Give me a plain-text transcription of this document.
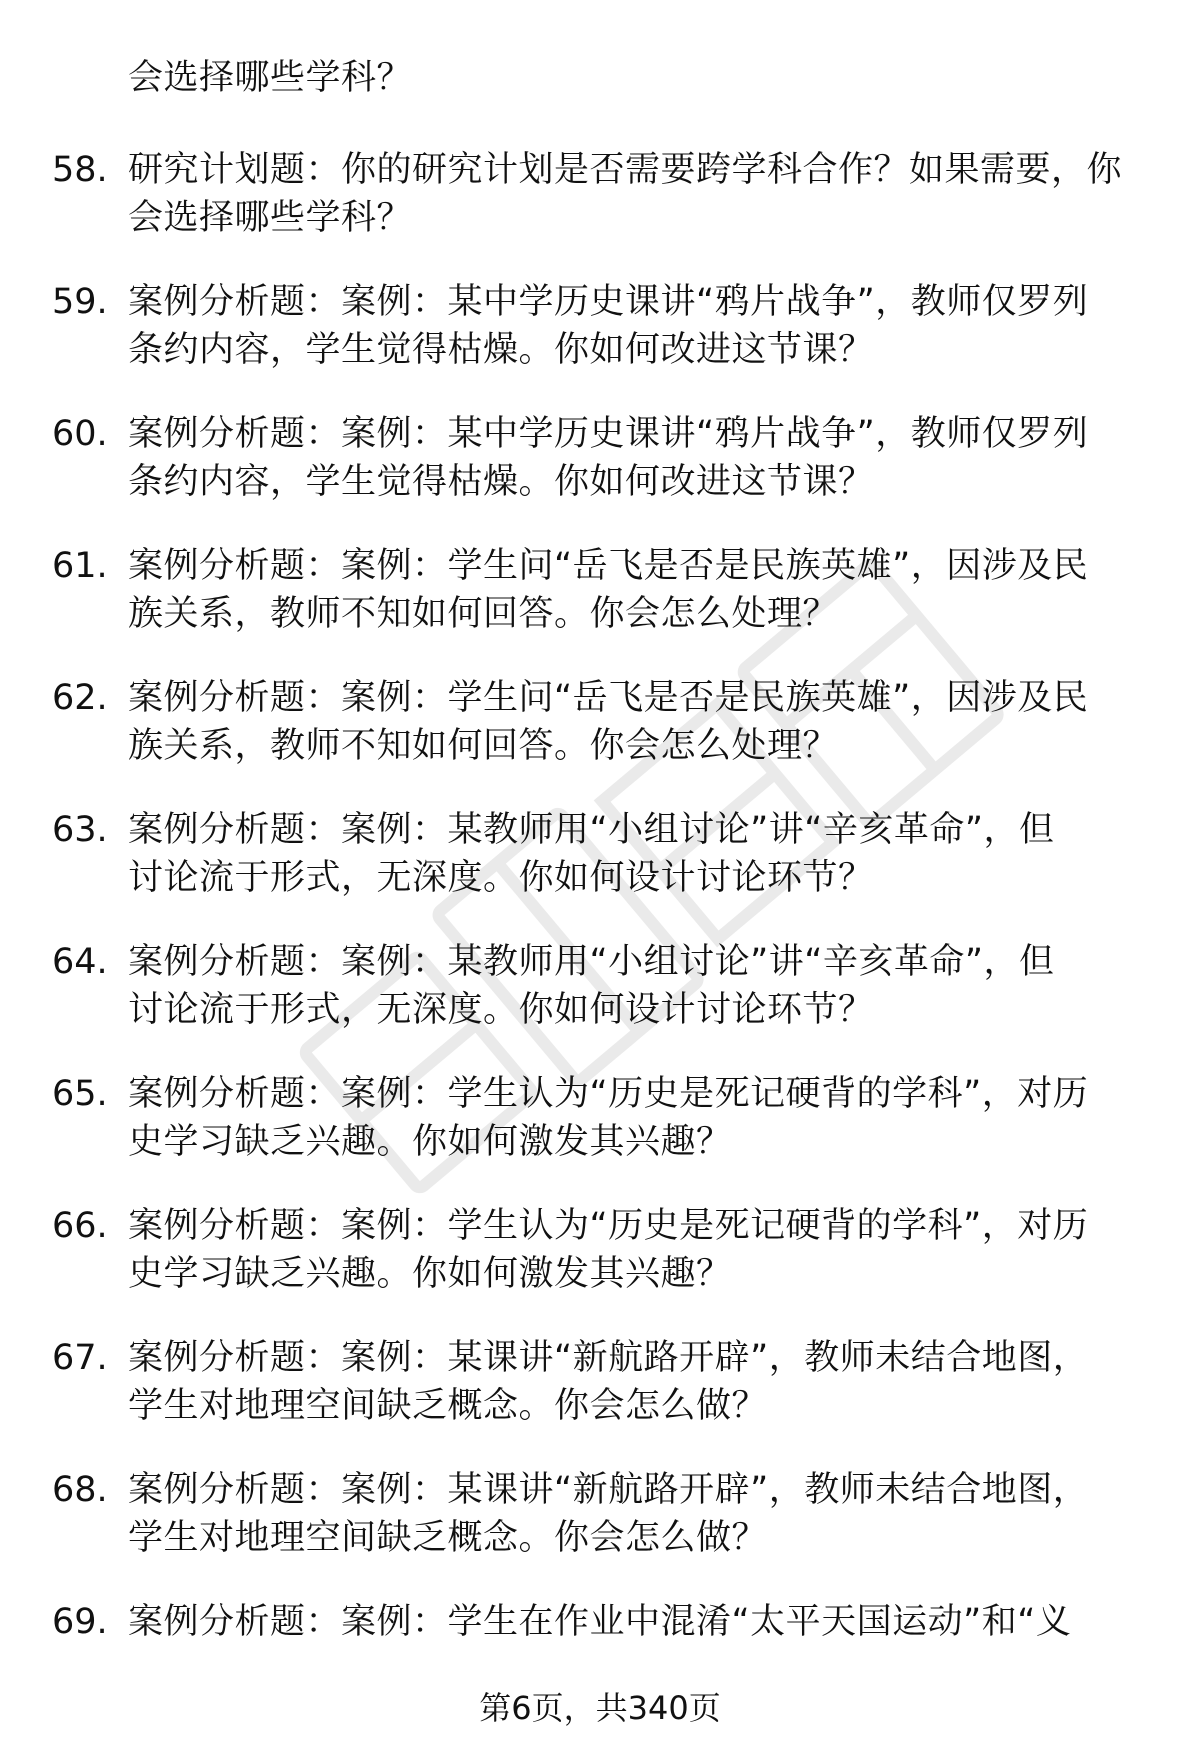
会选择哪些学科？
58. 研究计划题：你的研究计划是否需要跨学科合作？如果需要，你
会选择哪些学科？
59. 案例分析题：案例：某中学历史课讲“鸦片战争”，教师仅罗列
条约内容，学生觉得枯燥。你如何改进这节课？
60. 案例分析题：案例：某中学历史课讲“鸦片战争”，教师仅罗列
条约内容，学生觉得枯燥。你如何改进这节课？
61. 案例分析题：案例：学生问“岳飞是否是民族英雄”，因涉及民
族关系，教师不知如何回答。你会怎么处理？
62. 案例分析题：案例：学生问“岳飞是否是民族英雄”，因涉及民
族关系，教师不知如何回答。你会怎么处理？
63. 案例分析题：案例：某教师用“小组讨论”讲“辛亥革命”，但
讨论流于形式，无深度。你如何设计讨论环节？
64. 案例分析题：案例：某教师用“小组讨论”讲“辛亥革命”，但
讨论流于形式，无深度。你如何设计讨论环节？
65. 案例分析题：案例：学生认为“历史是死记硬背的学科”，对历
史学习缺乏兴趣。你如何激发其兴趣？
66. 案例分析题：案例：学生认为“历史是死记硬背的学科”，对历
史学习缺乏兴趣。你如何激发其兴趣？
67. 案例分析题：案例：某课讲“新航路开辟”，教师未结合地图，
学生对地理空间缺乏概念。你会怎么做？
68. 案例分析题：案例：某课讲“新航路开辟”，教师未结合地图，
学生对地理空间缺乏概念。你会怎么做？
69. 案例分析题：案例：学生在作业中混淆“太平天国运动”和“义
第6页，共340页
